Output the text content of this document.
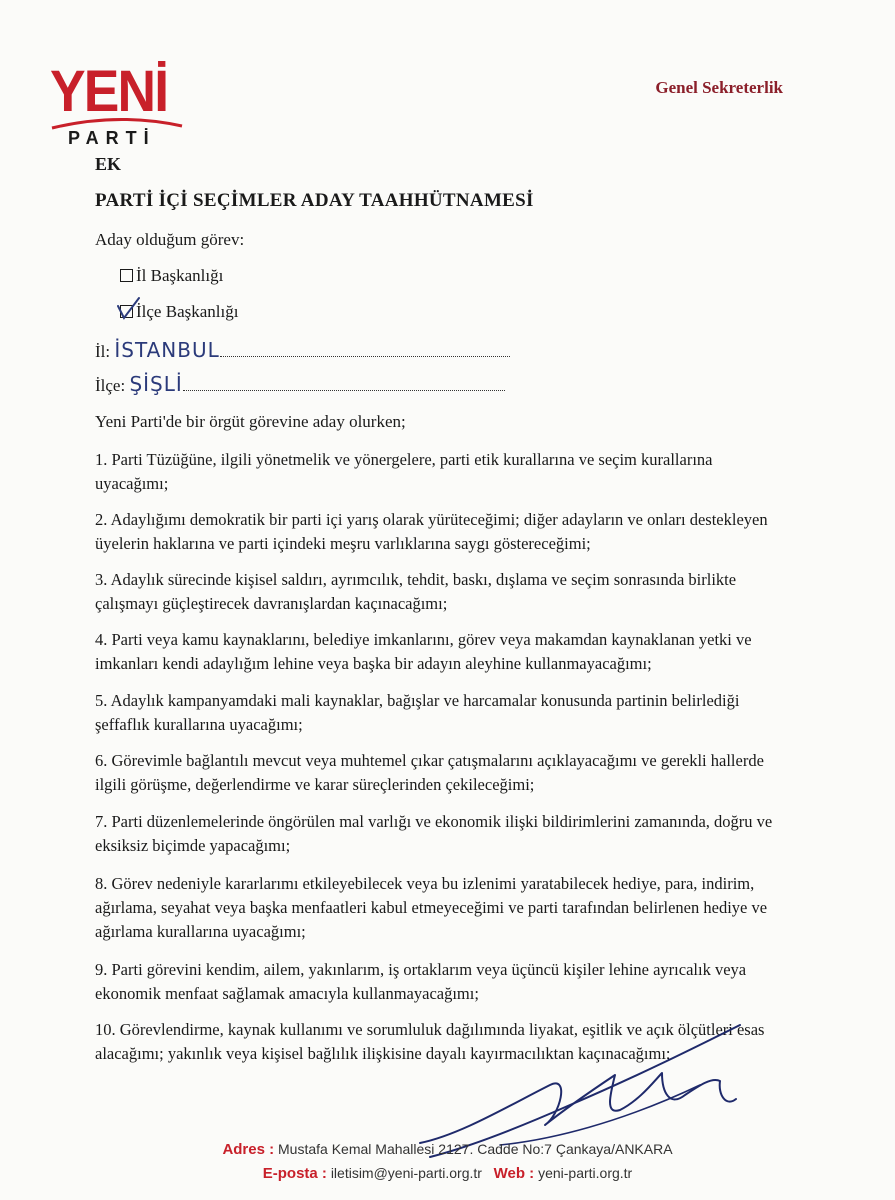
YENİ
PARTİ
Genel Sekreterlik
EK
PARTİ İÇİ SEÇİMLER ADAY TAAHHÜTNAMESİ
Aday olduğum görev:
İl Başkanlığı
İlçe Başkanlığı
İl: İSTANBUL
İlçe: ŞİŞLİ
Yeni Parti'de bir örgüt görevine aday olurken;
1. Parti Tüzüğüne, ilgili yönetmelik ve yönergelere, parti etik kurallarına ve seçim kurallarına uyacağımı;
2. Adaylığımı demokratik bir parti içi yarış olarak yürüteceğimi; diğer adayların ve onları destekleyen üyelerin haklarına ve parti içindeki meşru varlıklarına saygı göstereceğimi;
3. Adaylık sürecinde kişisel saldırı, ayrımcılık, tehdit, baskı, dışlama ve seçim sonrasında birlikte çalışmayı güçleştirecek davranışlardan kaçınacağımı;
4. Parti veya kamu kaynaklarını, belediye imkanlarını, görev veya makamdan kaynaklanan yetki ve imkanları kendi adaylığım lehine veya başka bir adayın aleyhine kullanmayacağımı;
5. Adaylık kampanyamdaki mali kaynaklar, bağışlar ve harcamalar konusunda partinin belirlediği şeffaflık kurallarına uyacağımı;
6. Görevimle bağlantılı mevcut veya muhtemel çıkar çatışmalarını açıklayacağımı ve gerekli hallerde ilgili görüşme, değerlendirme ve karar süreçlerinden çekileceğimi;
7. Parti düzenlemelerinde öngörülen mal varlığı ve ekonomik ilişki bildirimlerini zamanında, doğru ve eksiksiz biçimde yapacağımı;
8. Görev nedeniyle kararlarımı etkileyebilecek veya bu izlenimi yaratabilecek hediye, para, indirim, ağırlama, seyahat veya başka menfaatleri kabul etmeyeceğimi ve parti tarafından belirlenen hediye ve ağırlama kurallarına uyacağımı;
9. Parti görevini kendim, ailem, yakınlarım, iş ortaklarım veya üçüncü kişiler lehine ayrıcalık veya ekonomik menfaat sağlamak amacıyla kullanmayacağımı;
10. Görevlendirme, kaynak kullanımı ve sorumluluk dağılımında liyakat, eşitlik ve açık ölçütleri esas alacağımı; yakınlık veya kişisel bağlılık ilişkisine dayalı kayırmacılıktan kaçınacağımı;
Adres : Mustafa Kemal Mahallesi 2127. Cadde No:7 Çankaya/ANKARA
E-posta : iletisim@yeni-parti.org.tr Web : yeni-parti.org.tr
